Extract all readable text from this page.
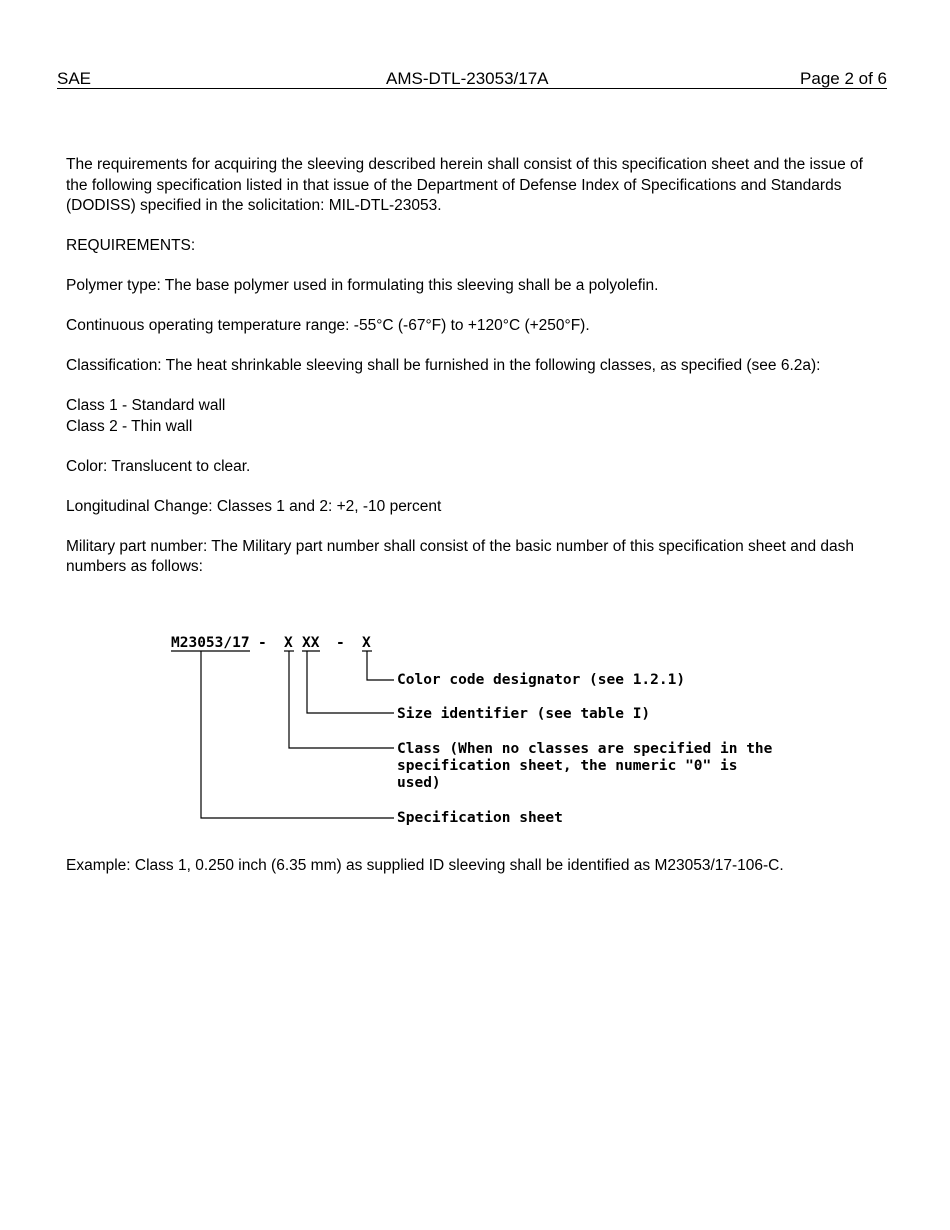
SAE	AMS-DTL-23053/17A	Page 2 of 6

The requirements for acquiring the sleeving described herein shall consist of this specification sheet and the issue of the following specification listed in that issue of the Department of Defense Index of Specifications and Standards (DODISS) specified in the solicitation: MIL-DTL-23053.

REQUIREMENTS:

Polymer type: The base polymer used in formulating this sleeving shall be a polyolefin.

Continuous operating temperature range: -55°C (-67°F) to +120°C (+250°F).

Classification: The heat shrinkable sleeving shall be furnished in the following classes, as specified (see 6.2a):

Class 1 - Standard wall
Class 2 - Thin wall

Color: Translucent to clear.

Longitudinal Change: Classes 1 and 2: +2, -10 percent

Military part number: The Military part number shall consist of the basic number of this specification sheet and dash numbers as follows:

M23053/17 - X XX - X
Color code designator (see 1.2.1)
Size identifier (see table I)
Class (When no classes are specified in the
specification sheet, the numeric "0" is
used)
Specification sheet
Example: Class 1, 0.250 inch (6.35 mm) as supplied ID sleeving shall be identified as M23053/17-106-C.
